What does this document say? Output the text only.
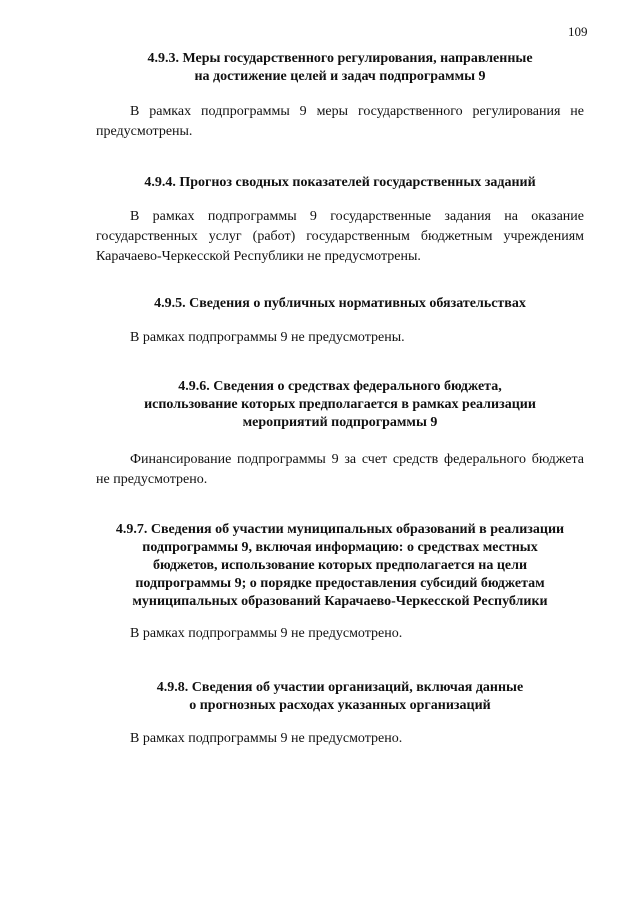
109
4.9.3. Меры государственного регулирования, направленные
на достижение целей и задач подпрограммы 9

В рамках подпрограммы 9 меры государственного регулирования не предусмотрены.

4.9.4. Прогноз сводных показателей государственных заданий

В рамках подпрограммы 9 государственные задания на оказание государственных услуг (работ) государственным бюджетным учреждениям Карачаево-Черкесской Республики не предусмотрены.

4.9.5. Сведения о публичных нормативных обязательствах

В рамках подпрограммы 9 не предусмотрены.

4.9.6. Сведения о средствах федерального бюджета,
использование которых предполагается в рамках реализации
мероприятий подпрограммы 9

Финансирование подпрограммы 9 за счет средств федерального бюджета не предусмотрено.

4.9.7. Сведения об участии муниципальных образований в реализации
подпрограммы 9, включая информацию: о средствах местных
бюджетов, использование которых предполагается на цели
подпрограммы 9; о порядке предоставления субсидий бюджетам
муниципальных образований Карачаево-Черкесской Республики

В рамках подпрограммы 9 не предусмотрено.

4.9.8. Сведения об участии организаций, включая данные
о прогнозных расходах указанных организаций

В рамках подпрограммы 9 не предусмотрено.
